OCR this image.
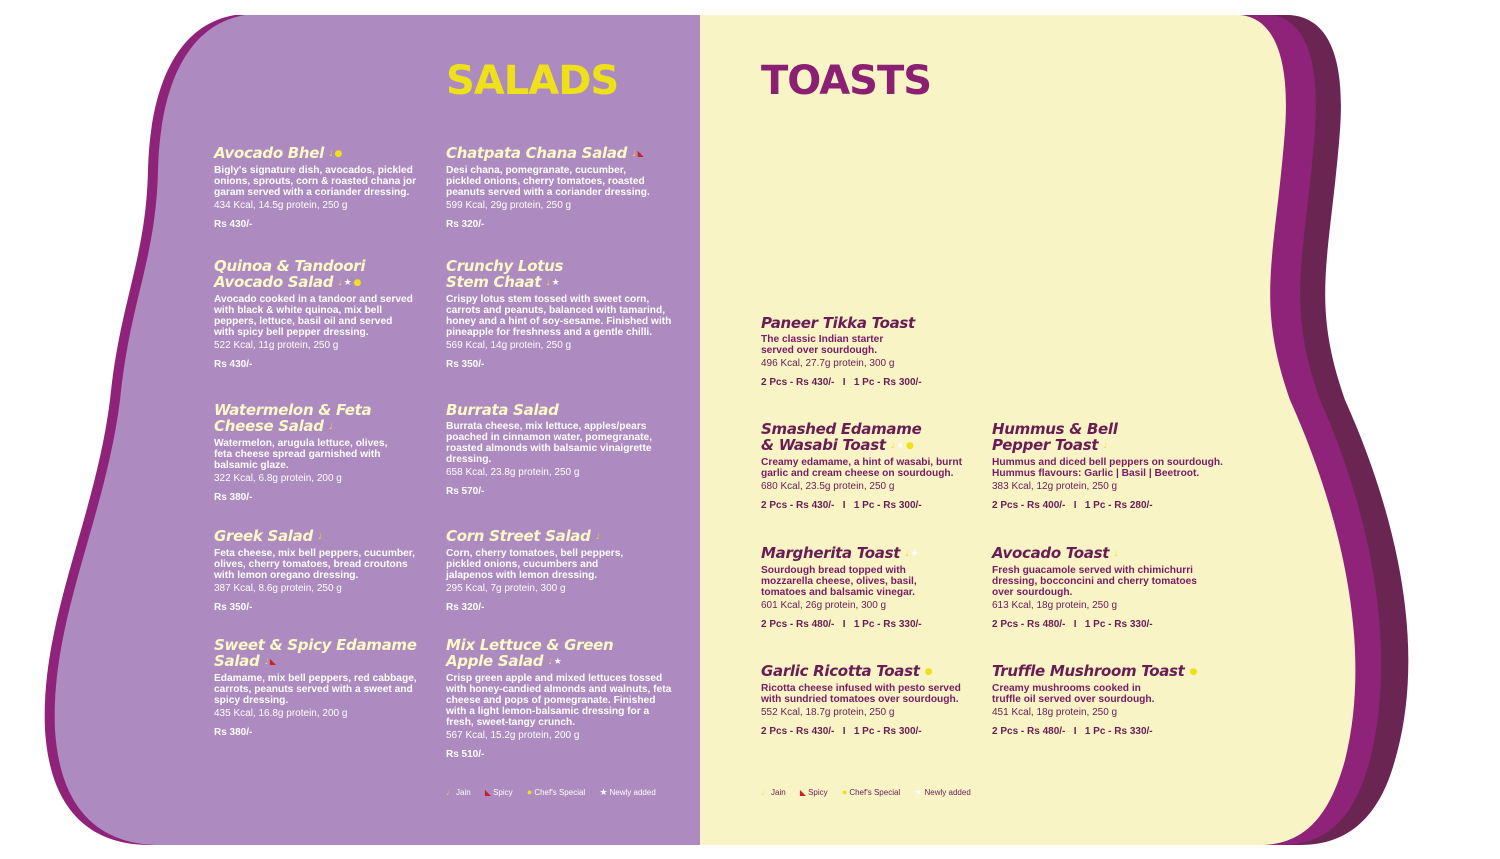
SALADS	TOASTS
Avocado Bhel ♩ ●

Bigly's signature dish, avocados, pickled onions, sprouts, corn & roasted chana jor garam served with a coriander dressing.

434 Kcal, 14.5g protein, 250 g

Rs 430/-

Quinoa & Tandoori Avocado Salad ♩ ★ ●

Avocado cooked in a tandoor and served with black & white quinoa, mix bell peppers, lettuce, basil oil and served with spicy bell pepper dressing.

522 Kcal, 11g protein, 250 g

Rs 430/-

Watermelon & Feta Cheese Salad ♩

Watermelon, arugula lettuce, olives, feta cheese spread garnished with balsamic glaze.

322 Kcal, 6.8g protein, 200 g

Rs 380/-

Greek Salad ♩

Feta cheese, mix bell peppers, cucumber, olives, cherry tomatoes, bread croutons with lemon oregano dressing.

387 Kcal, 8.6g protein, 250 g

Rs 350/-

Sweet & Spicy Edamame Salad ♩ ◣

Edamame, mix bell peppers, red cabbage, carrots, peanuts served with a sweet and spicy dressing.

435 Kcal, 16.8g protein, 200 g

Rs 380/-

Chatpata Chana Salad ♩ ◣

Desi chana, pomegranate, cucumber, pickled onions, cherry tomatoes, roasted peanuts served with a coriander dressing.

599 Kcal, 29g protein, 250 g

Rs 320/-

Crunchy Lotus Stem Chaat ♩ ★

Crispy lotus stem tossed with sweet corn, carrots and peanuts, balanced with tamarind, honey and a hint of soy-sesame. Finished with pineapple for freshness and a gentle chilli.

569 Kcal, 14g protein, 250 g

Rs 350/-

Burrata Salad

Burrata cheese, mix lettuce, apples/pears poached in cinnamon water, pomegranate, roasted almonds with balsamic vinaigrette dressing.

658 Kcal, 23.8g protein, 250 g

Rs 570/-

Corn Street Salad ♩

Corn, cherry tomatoes, bell peppers, pickled onions, cucumbers and jalapenos with lemon dressing.

295 Kcal, 7g protein, 300 g

Rs 320/-

Mix Lettuce & Green Apple Salad ♩ ★

Crisp green apple and mixed lettuces tossed with honey-candied almonds and walnuts, feta cheese and pops of pomegranate. Finished with a light lemon-balsamic dressing for a fresh, sweet-tangy crunch.

567 Kcal, 15.2g protein, 200 g

Rs 510/-

Paneer Tikka Toast

The classic Indian starter served over sourdough.

496 Kcal, 27.7g protein, 300 g

2 Pcs - Rs 430/-   I   1 Pc - Rs 300/-

Smashed Edamame & Wasabi Toast ♩ ★ ●

Creamy edamame, a hint of wasabi, burnt garlic and cream cheese on sourdough.

680 Kcal, 23.5g protein, 250 g

2 Pcs - Rs 430/-   I   1 Pc - Rs 300/-

Hummus & Bell Pepper Toast ♩

Hummus and diced bell peppers on sourdough. Hummus flavours: Garlic | Basil | Beetroot.

383 Kcal, 12g protein, 250 g

2 Pcs - Rs 400/-   I   1 Pc - Rs 280/-

Margherita Toast ♩ ★

Sourdough bread topped with mozzarella cheese, olives, basil, tomatoes and balsamic vinegar.

601 Kcal, 26g protein, 300 g

2 Pcs - Rs 480/-   I   1 Pc - Rs 330/-

Avocado Toast ♩

Fresh guacamole served with chimichurri dressing, bocconcini and cherry tomatoes over sourdough.

613 Kcal, 18g protein, 250 g

2 Pcs - Rs 480/-   I   1 Pc - Rs 330/-

Garlic Ricotta Toast ●

Ricotta cheese infused with pesto served with sundried tomatoes over sourdough.

552 Kcal, 18.7g protein, 250 g

2 Pcs - Rs 430/-   I   1 Pc - Rs 300/-

Truffle Mushroom Toast ●

Creamy mushrooms cooked in truffle oil served over sourdough.

451 Kcal, 18g protein, 250 g

2 Pcs - Rs 480/-   I   1 Pc - Rs 330/-

♩ Jain ◣ Spicy ● Chef's Special ★ Newly added	♩ Jain ◣ Spicy ● Chef's Special ★ Newly added
